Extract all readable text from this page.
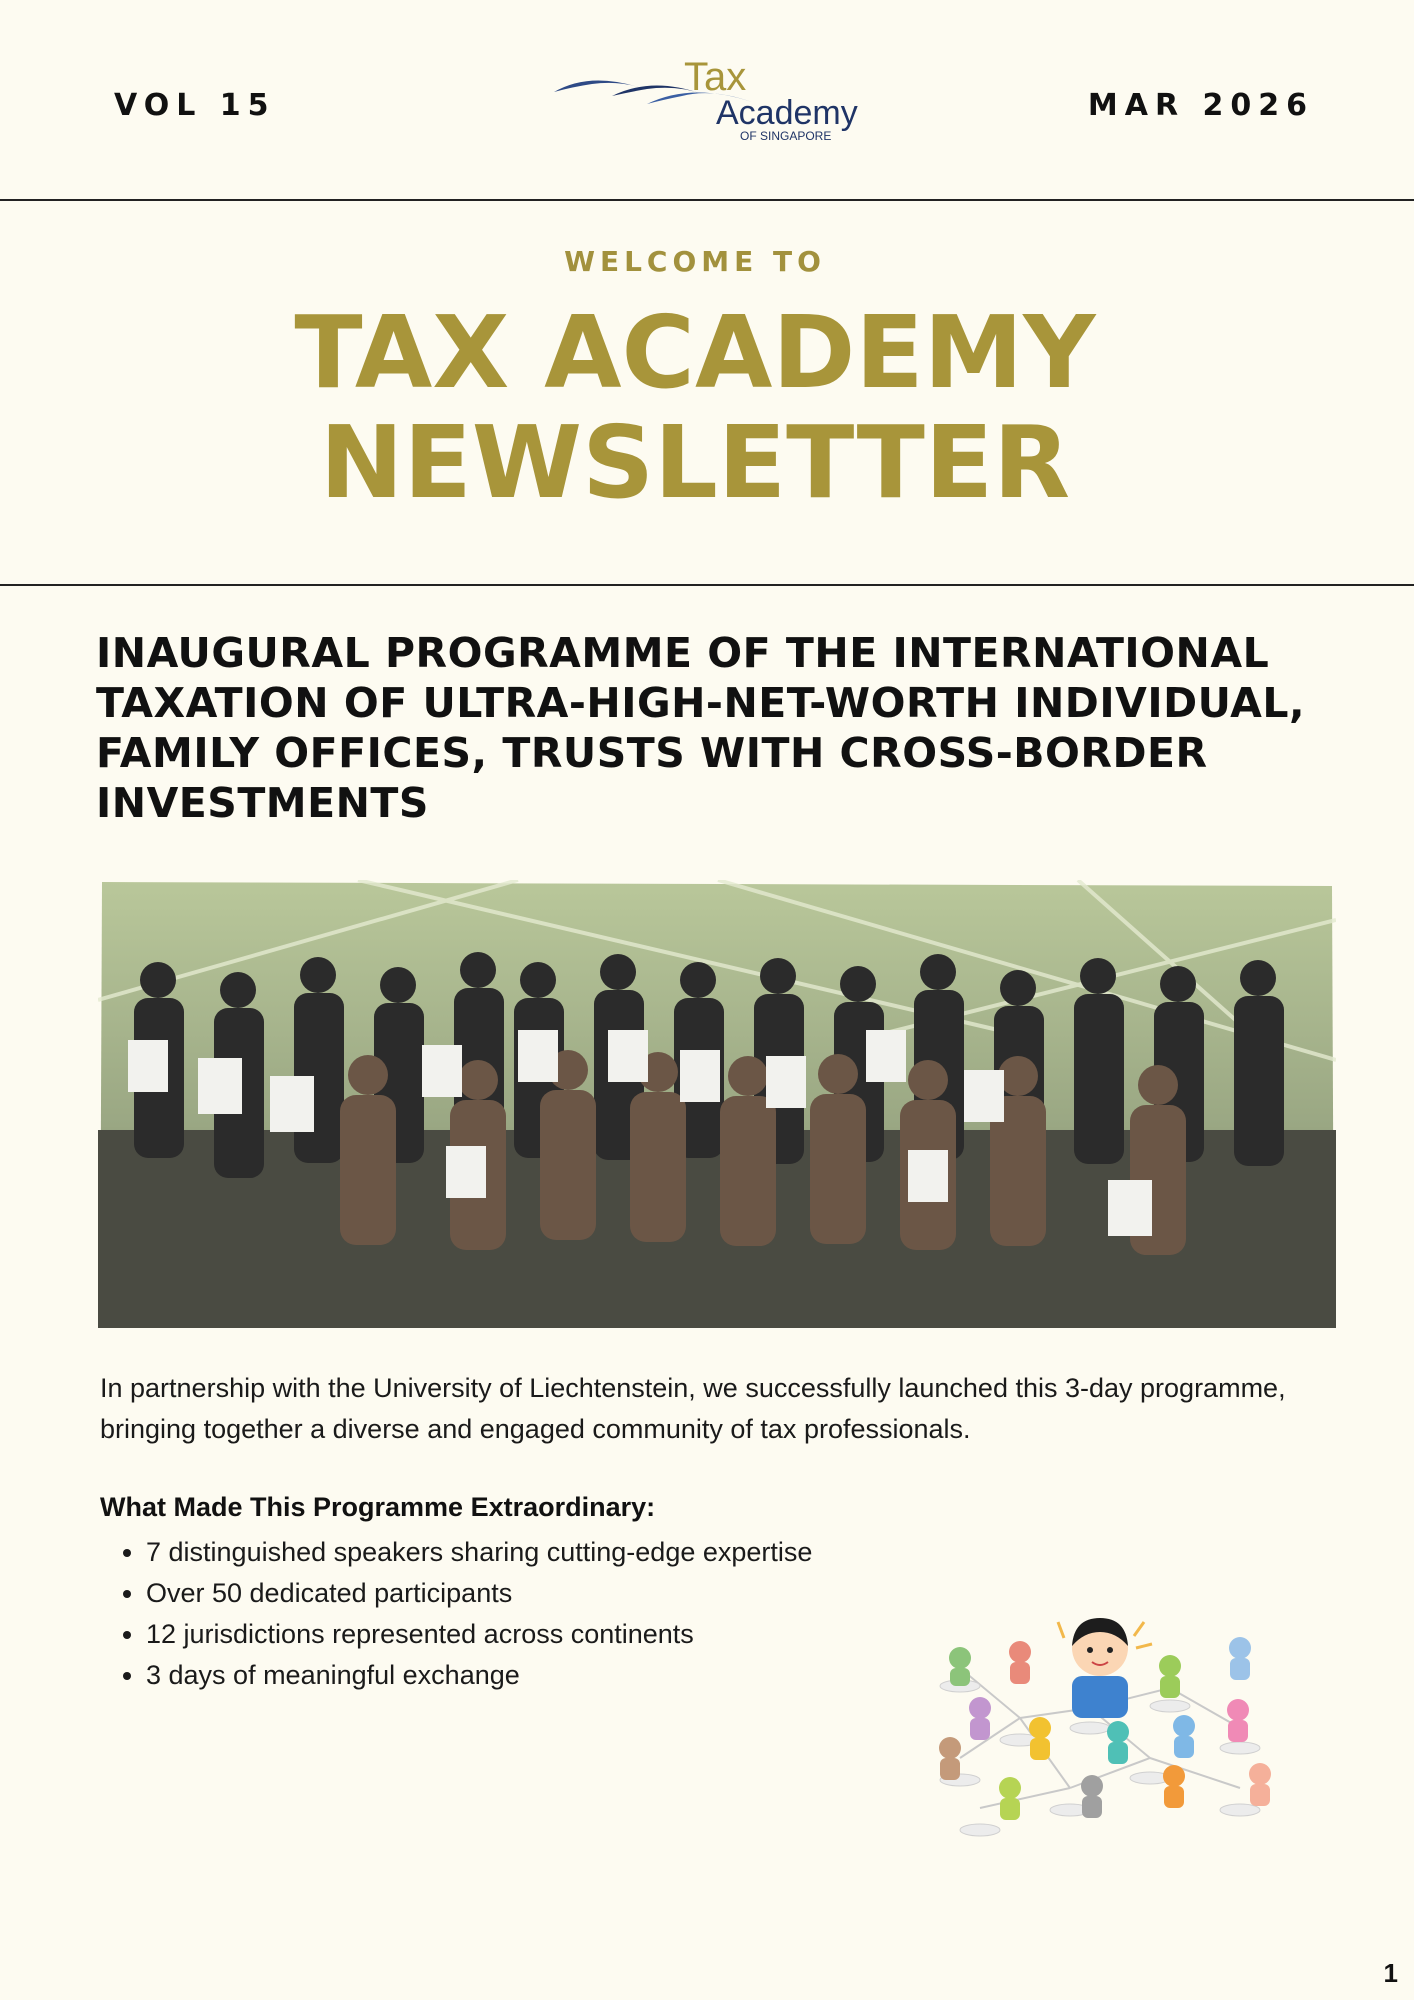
VOL 15
Tax
Academy
OF SINGAPORE
MAR 2026
WELCOME TO
TAX ACADEMY
NEWSLETTER
INAUGURAL PROGRAMME OF THE INTERNATIONAL TAXATION OF ULTRA-HIGH-NET-WORTH INDIVIDUAL, FAMILY OFFICES, TRUSTS WITH CROSS-BORDER INVESTMENTS
In partnership with the University of Liechtenstein, we successfully launched this 3-day programme, bringing together a diverse and engaged community of tax professionals.
What Made This Programme Extraordinary:
• 7 distinguished speakers sharing cutting-edge expertise
• Over 50 dedicated participants
• 12 jurisdictions represented across continents
• 3 days of meaningful exchange
1
